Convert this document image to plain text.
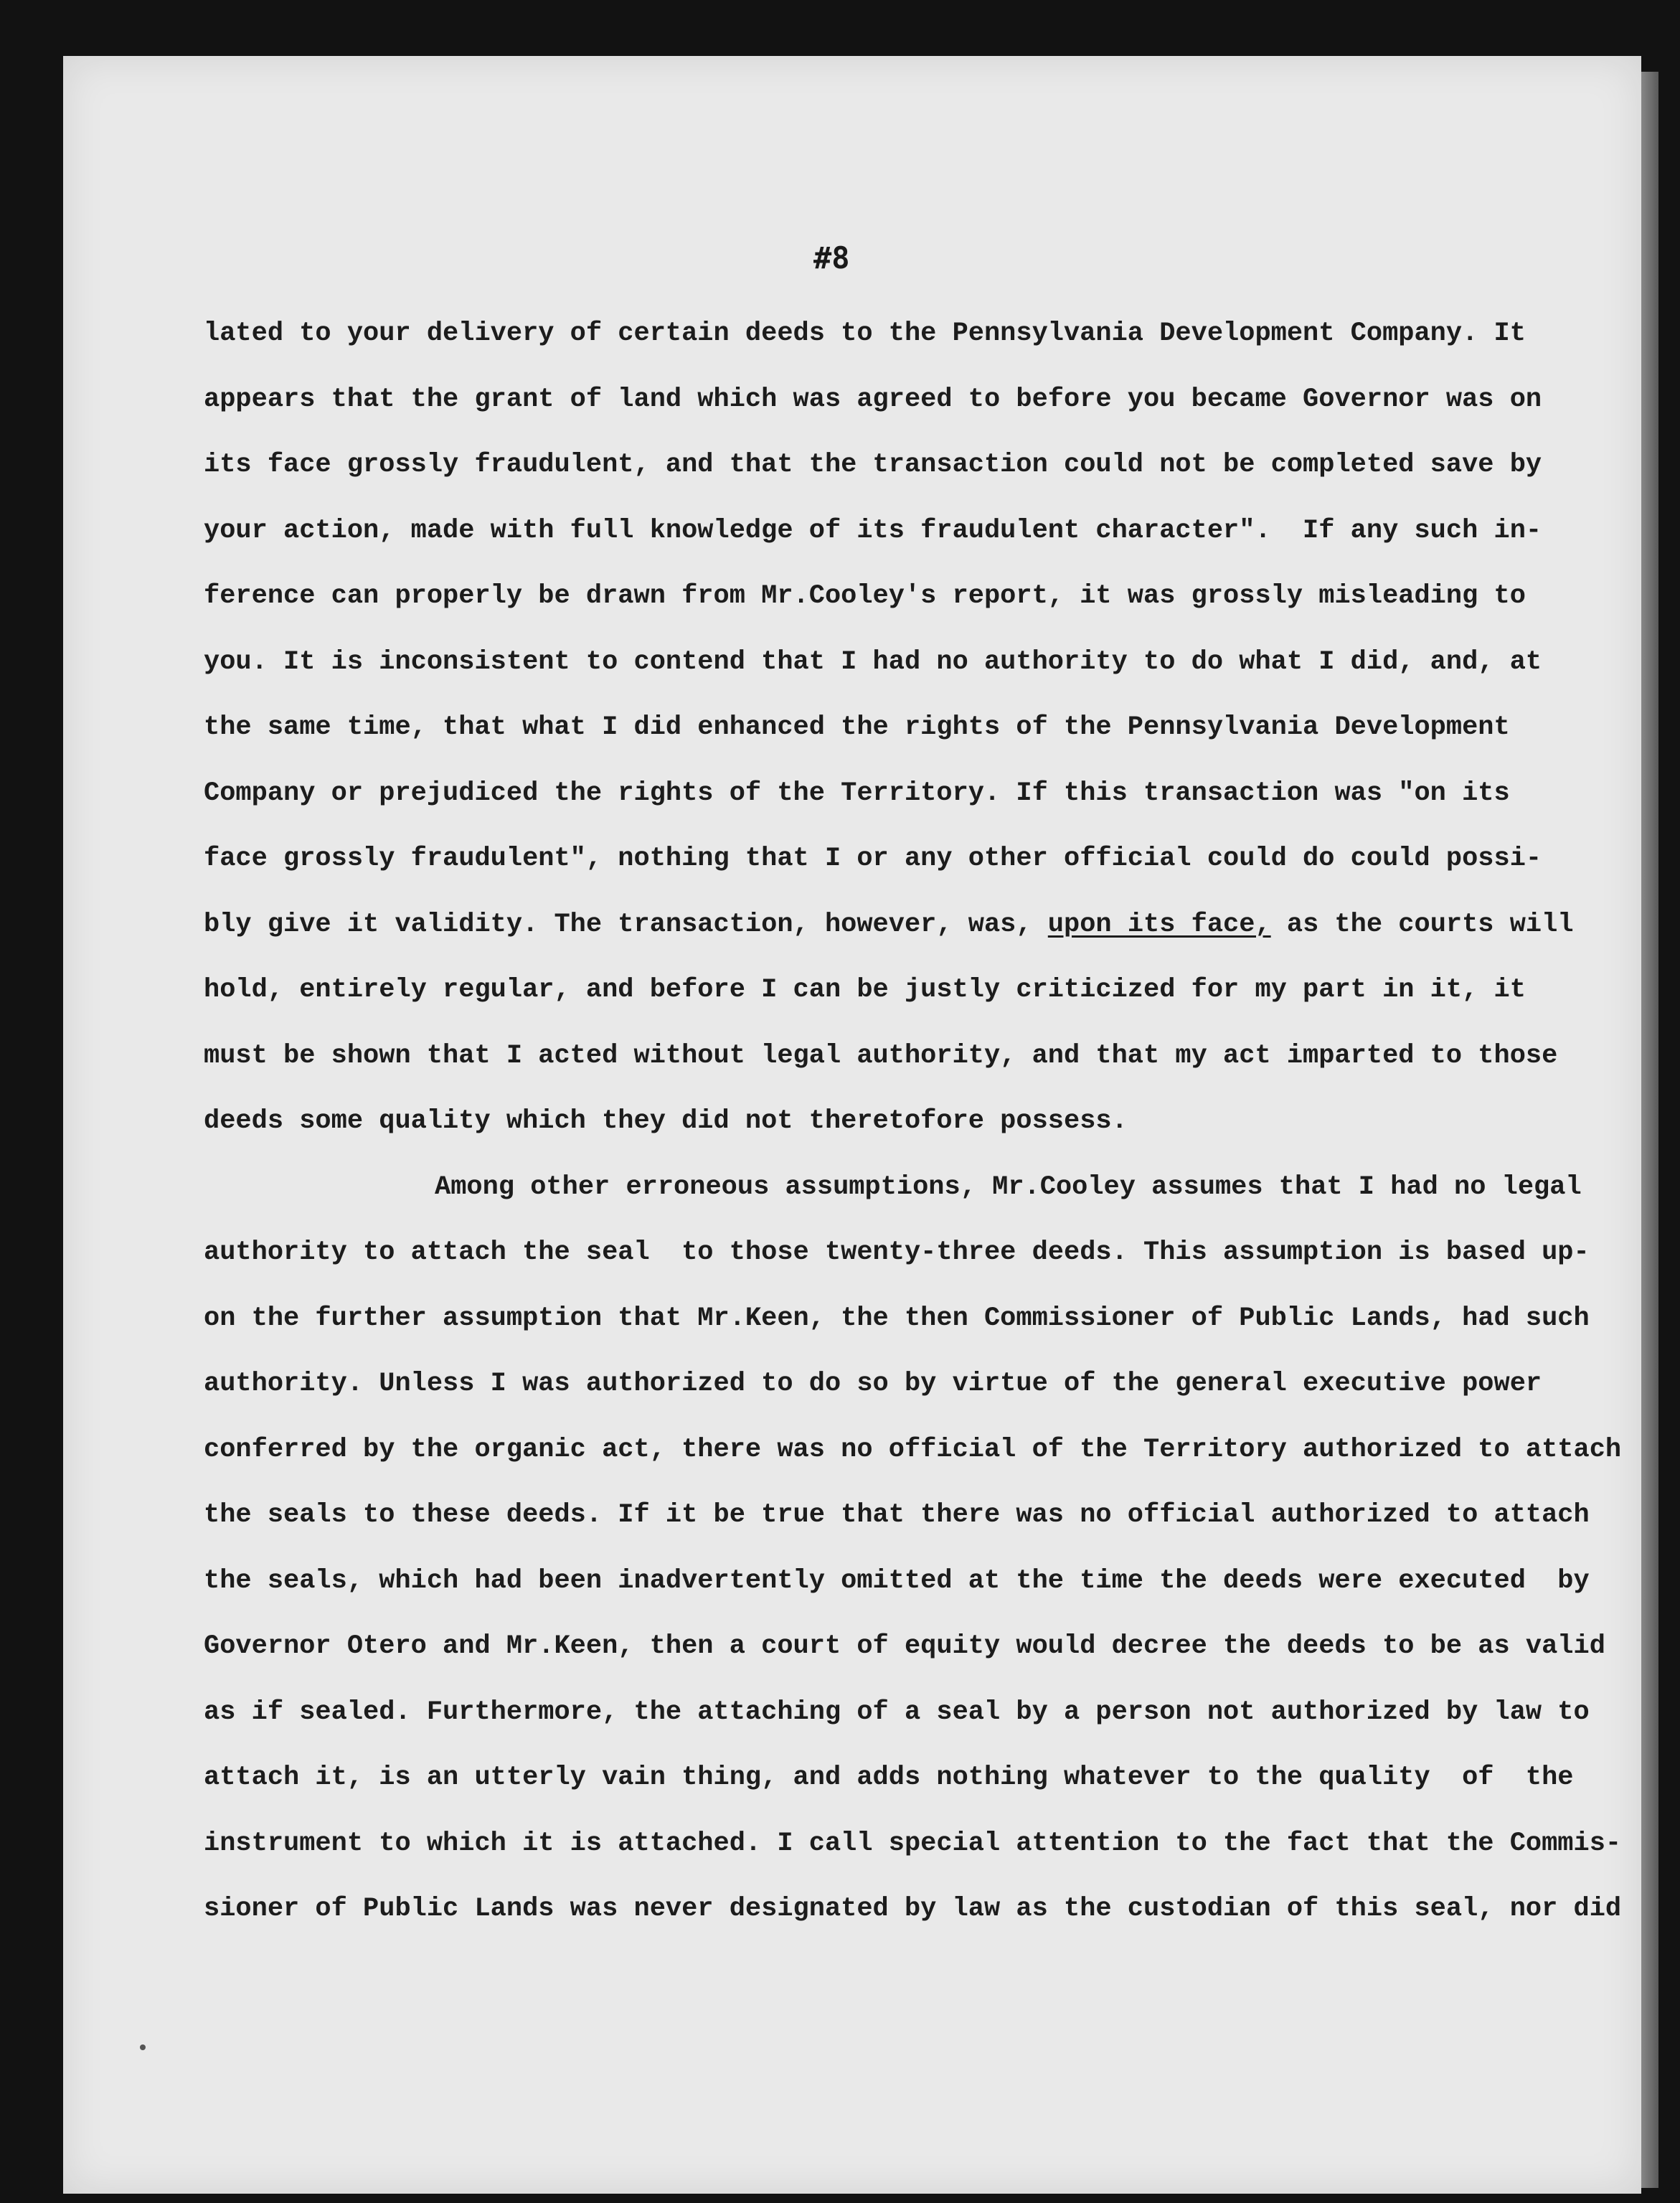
#8
lated to your delivery of certain deeds to the Pennsylvania Development Company. It
appears that the grant of land which was agreed to before you became Governor was on
its face grossly fraudulent, and that the transaction could not be completed save by
your action, made with full knowledge of its fraudulent character".  If any such in-
ference can properly be drawn from Mr.Cooley's report, it was grossly misleading to
you. It is inconsistent to contend that I had no authority to do what I did, and, at
the same time, that what I did enhanced the rights of the Pennsylvania Development
Company or prejudiced the rights of the Territory. If this transaction was "on its
face grossly fraudulent", nothing that I or any other official could do could possi-
bly give it validity. The transaction, however, was, upon its face, as the courts will
hold, entirely regular, and before I can be justly criticized for my part in it, it
must be shown that I acted without legal authority, and that my act imparted to those
deeds some quality which they did not theretofore possess.
Among other erroneous assumptions, Mr.Cooley assumes that I had no legal
authority to attach the seal  to those twenty-three deeds. This assumption is based up-
on the further assumption that Mr.Keen, the then Commissioner of Public Lands, had such
authority. Unless I was authorized to do so by virtue of the general executive power
conferred by the organic act, there was no official of the Territory authorized to attach
the seals to these deeds. If it be true that there was no official authorized to attach
the seals, which had been inadvertently omitted at the time the deeds were executed  by
Governor Otero and Mr.Keen, then a court of equity would decree the deeds to be as valid
as if sealed. Furthermore, the attaching of a seal by a person not authorized by law to
attach it, is an utterly vain thing, and adds nothing whatever to the quality  of  the
instrument to which it is attached. I call special attention to the fact that the Commis-
sioner of Public Lands was never designated by law as the custodian of this seal, nor did
